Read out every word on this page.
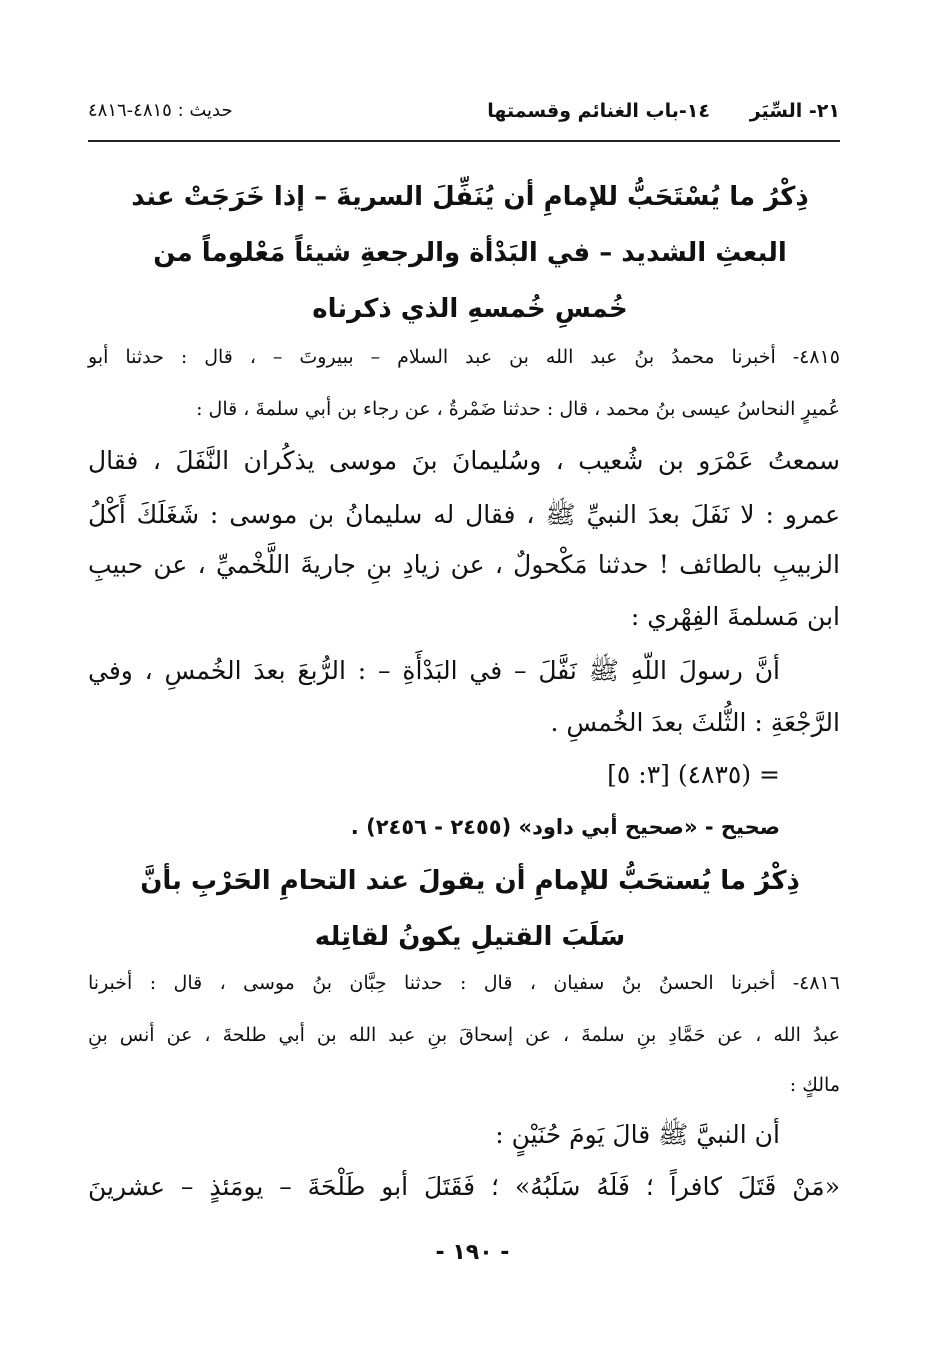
٢١- السِّيَر
١٤-باب الغنائم وقسمتها
حديث : ٤٨١٥-٤٨١٦
ذِكْرُ ما يُسْتَحَبُّ للإمامِ أن يُنَفِّلَ السريةَ – إذا خَرَجَتْ عند
البعثِ الشديد – في البَدْأة والرجعةِ شيئاً مَعْلوماً من
خُمسِ خُمسهِ الذي ذكرناه
٤٨١٥- أخبرنا محمدُ بنُ عبد الله بن عبد السلام – ببيروتَ – ، قال : حدثنا أبو
عُميرٍ النحاسُ عيسى بنُ محمد ، قال : حدثنا ضَمْرةُ ، عن رجاء بن أبي سلمةَ ، قال :
سمعتُ عَمْرَو بن شُعيب ، وسُليمانَ بنَ موسى يذكُران النَّفَلَ ، فقال
عمرو : لا نَفَلَ بعدَ النبيِّ ﷺ ، فقال له سليمانُ بن موسى : شَغَلَكَ أَكْلُ
الزبيبِ بالطائف ! حدثنا مَكْحولٌ ، عن زيادِ بنِ جاريةَ اللَّخْميِّ ، عن حبيبِ
ابن مَسلمةَ الفِهْري :
أنَّ رسولَ اللّهِ ﷺ نَفَّلَ – في البَدْأَةِ – : الرُّبعَ بعدَ الخُمسِ ، وفي
الرَّجْعَةِ : الثُّلثَ بعدَ الخُمسِ .
= (٤٨٣٥) [٣: ٥]
صحيح - «صحيح أبي داود» (٢٤٥٥ - ٢٤٥٦) .
ذِكْرُ ما يُستحَبُّ للإمامِ أن يقولَ عند التحامِ الحَرْبِ بأنَّ
سَلَبَ القتيلِ يكونُ لقاتِله
٤٨١٦- أخبرنا الحسنُ بنُ سفيان ، قال : حدثنا حِبَّان بنُ موسى ، قال : أخبرنا
عبدُ الله ، عن حَمَّادِ بنِ سلمةَ ، عن إسحاقَ بنِ عبد الله بن أبي طلحةَ ، عن أنس بنِ
مالكٍ :
أن النبيَّ ﷺ قالَ يَومَ حُنَيْنٍ :
«مَنْ قَتَلَ كافراً ؛ فَلَهُ سَلَبُهُ» ؛ فَقَتَلَ أبو طَلْحَةَ – يومَئذٍ – عشرينَ
- ١٩٠ -
